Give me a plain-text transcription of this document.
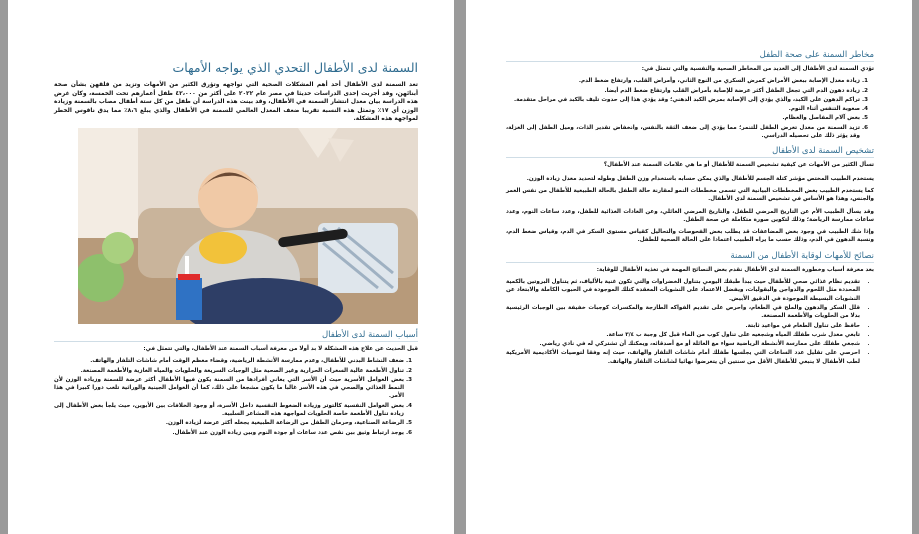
السمنة لدى الأطفال التحدي الذي يواجه الأمهات

تعد السمنة لدى الأطفال أحد أهم المشكلات الصحية التي تواجهه وتؤرق الكثير من الأمهات وتزيد من قلقهن بشأن صحة أبنائهن، وقد أجريت إحدى الدراسات حديثا في مصر عام ٢٠٢٢ على أكثر من ٤٢،٠٠٠ طفل أعمارهم تحت الخمسة، وكان غرض هذه الدراسة بيان معدل انتشار السمنة في الأطفال، وقد بينت هذه الدراسة أن طفل من كل ستة أطفال مصاب بالسمنة وزيادة الوزن أي ١٧٪ وتمثل هذه النسبة تقريبا ضعف المعدل العالمي للسمنة في الأطفال والذي يبلغ ٨،٦٪ مما يدق ناقوس الخطر لمواجهة هذه المشكلة.

أسباب السمنة لدى الأطفال

قبل الحديث عن علاج هذه المشكلة لا بد أولا من معرفة أسباب السمنة عند الأطفال، والتي تتمثل في:

1. ضعف النشاط البدني للأطفال، وعدم ممارسة الأنشطة الرياضية، وقضاء معظم الوقت أمام شاشات التلفاز والهاتف.
2. تناول الأطعمة عالية السعرات الحرارية وغير الصحية مثل الوجبات السريعة والحلويات والمياه الغازية والأطعمة المصنعة.
3. بعض العوامل الأسرية حيث أن الأسر التي يعاني أفرادها من السمنة يكون فيها الأطفال أكثر عرضة للسمنة وزيادة الوزن لأن النمط الغذائي والصحي في هذه الأسر غالبا ما يكون مشجعا على ذلك، كما أن العوامل الجينية والوراثية تلعب دورا كبيرا في هذا الأمر.
4. بعض العوامل النفسية كالتوتر وزيادة الضغوط النفسية داخل الأسرة، أو وجود الخلافات بين الأبوين، حيث يلجأ بعض الأطفال إلى زيادة تناول الأطعمة خاصة الحلويات لمواجهة هذه المشاعر السلبية.
5. الرضاعة الصناعية، وحرمان الطفل من الرضاعة الطبيعية يجعله أكثر عرضة لزيادة الوزن.
6. يوجد ارتباط وثيق بين نقص عدد ساعات أو جودة النوم وبين زيادة الوزن عند الأطفال.
مخاطر السمنة على صحة الطفل

تؤدي السمنة لدى الأطفال إلى العديد من المخاطر الصحية والنفسية والتي تتمثل في:

1. زيادة معدل الإصابة ببعض الأمراض كمرض السكري من النوع الثاني، وأمراض القلب، وارتفاع ضغط الدم.
2. زيادة دهون الدم التي تجعل الطفل أكثر عرضة للإصابة بأمراض القلب وارتفاع ضغط الدم أيضا.
3. تراكم الدهون على الكبد، والذي يؤدي إلى الإصابة بمرض الكبد الدهني؛ وقد يؤدي هذا إلى حدوث تليف بالكبد في مراحل متقدمة.
4. صعوبة التنفس أثناء النوم.
5. بعض آلام المفاصل والعظام.
6. تزيد السمنة من معدل تعرض الطفل للتنمر؛ مما يؤدي إلى ضعف الثقة بالنفس، وانخفاض تقدير الذات، وميل الطفل إلى العزلة، وقد يؤثر ذلك على تحصيله الدراسي.
تشخيص السمنة لدى الأطفال

تسأل الكثير من الأمهات عن كيفية تشخيص السمنة للأطفال أو ما هي علامات السمنة عند الأطفال؟

يستخدم الطبيب المختص مؤشر كتلة الجسم للأطفال والذي يمكن حسابه باستخدام وزن الطفل وطوله لتحديد معدل زيادة الوزن.

كما يستخدم الطبيب بعض المخططات البيانية التي تسمى مخططات النمو لمقارنة حالة الطفل بالحالة الطبيعية للأطفال من نفس العمر والجنس، وهذا هو الأساس في تشخيص السمنة لدى الأطفال.

وقد يسأل الطبيب الأم عن التاريخ المرضي للطفل، والتاريخ المرضي العائلي، وعن العادات الغذائية للطفل، وعدد ساعات النوم، وعدد ساعات ممارسة الرياضة؛ وذلك لتكوين صورة متكاملة عن صحة الطفل.

وإذا شك الطبيب في وجود بعض المضاعفات قد يطلب بعض الفحوصات والتحاليل كقياس مستوى السكر في الدم، وقياس ضغط الدم، ونسبة الدهون في الدم، وذلك حسب ما يراه الطبيب اعتمادا على الحالة الصحية للطفل.

نصائح للأمهات لوقاية الأطفال من السمنة

بعد معرفة أسباب وخطورة السمنة لدى الأطفال نقدم بعض النصائح المهمة في تغذية الأطفال للوقاية:

• تقديم نظام غذائي صحي للأطفال حيث يبدأ طبقك اليومي بتناول الخضراوات والتي تكون غنية بالألياف، ثم يتناول البروتين بالكمية المحددة مثل اللحوم والدواجن والبقوليات، ويفضل الاعتماد على النشويات المعقدة كتلك الموجودة في الحبوب الكاملة والابتعاد عن النشويات البسيطة الموجودة في الدقيق الأبيض.
• قلل السكر والدهون والملح في الطعام، واحرص على تقديم الفواكه الطازجة والمكسرات كوجبات خفيفة بين الوجبات الرئيسية بدلا من الحلويات والأطعمة المصنعة.
• حافظ على تناول الطعام في مواعيد ثابتة.
• تابعي معدل شرب طفلك المياه وشجعيه على تناول كوب من الماء قبل كل وجبة ب ٣/٤ ساعة.
• شجعي طفلك على ممارسة الأنشطة الرياضية سواء مع العائلة أو مع أصدقائه، ويمكنك أن تشتركي له في نادي رياضي.
• احرصي على تقليل عدد الساعات التي يجلسها طفلك أمام شاشات التلفاز والهاتف، حيث إنه وفقا لتوصيات الأكاديمية الأمريكية لطب الأطفال لا ينبغي للأطفال الأقل من سنتين أن يتعرضوا نهائيا لشاشات التلفاز والهاتف.
